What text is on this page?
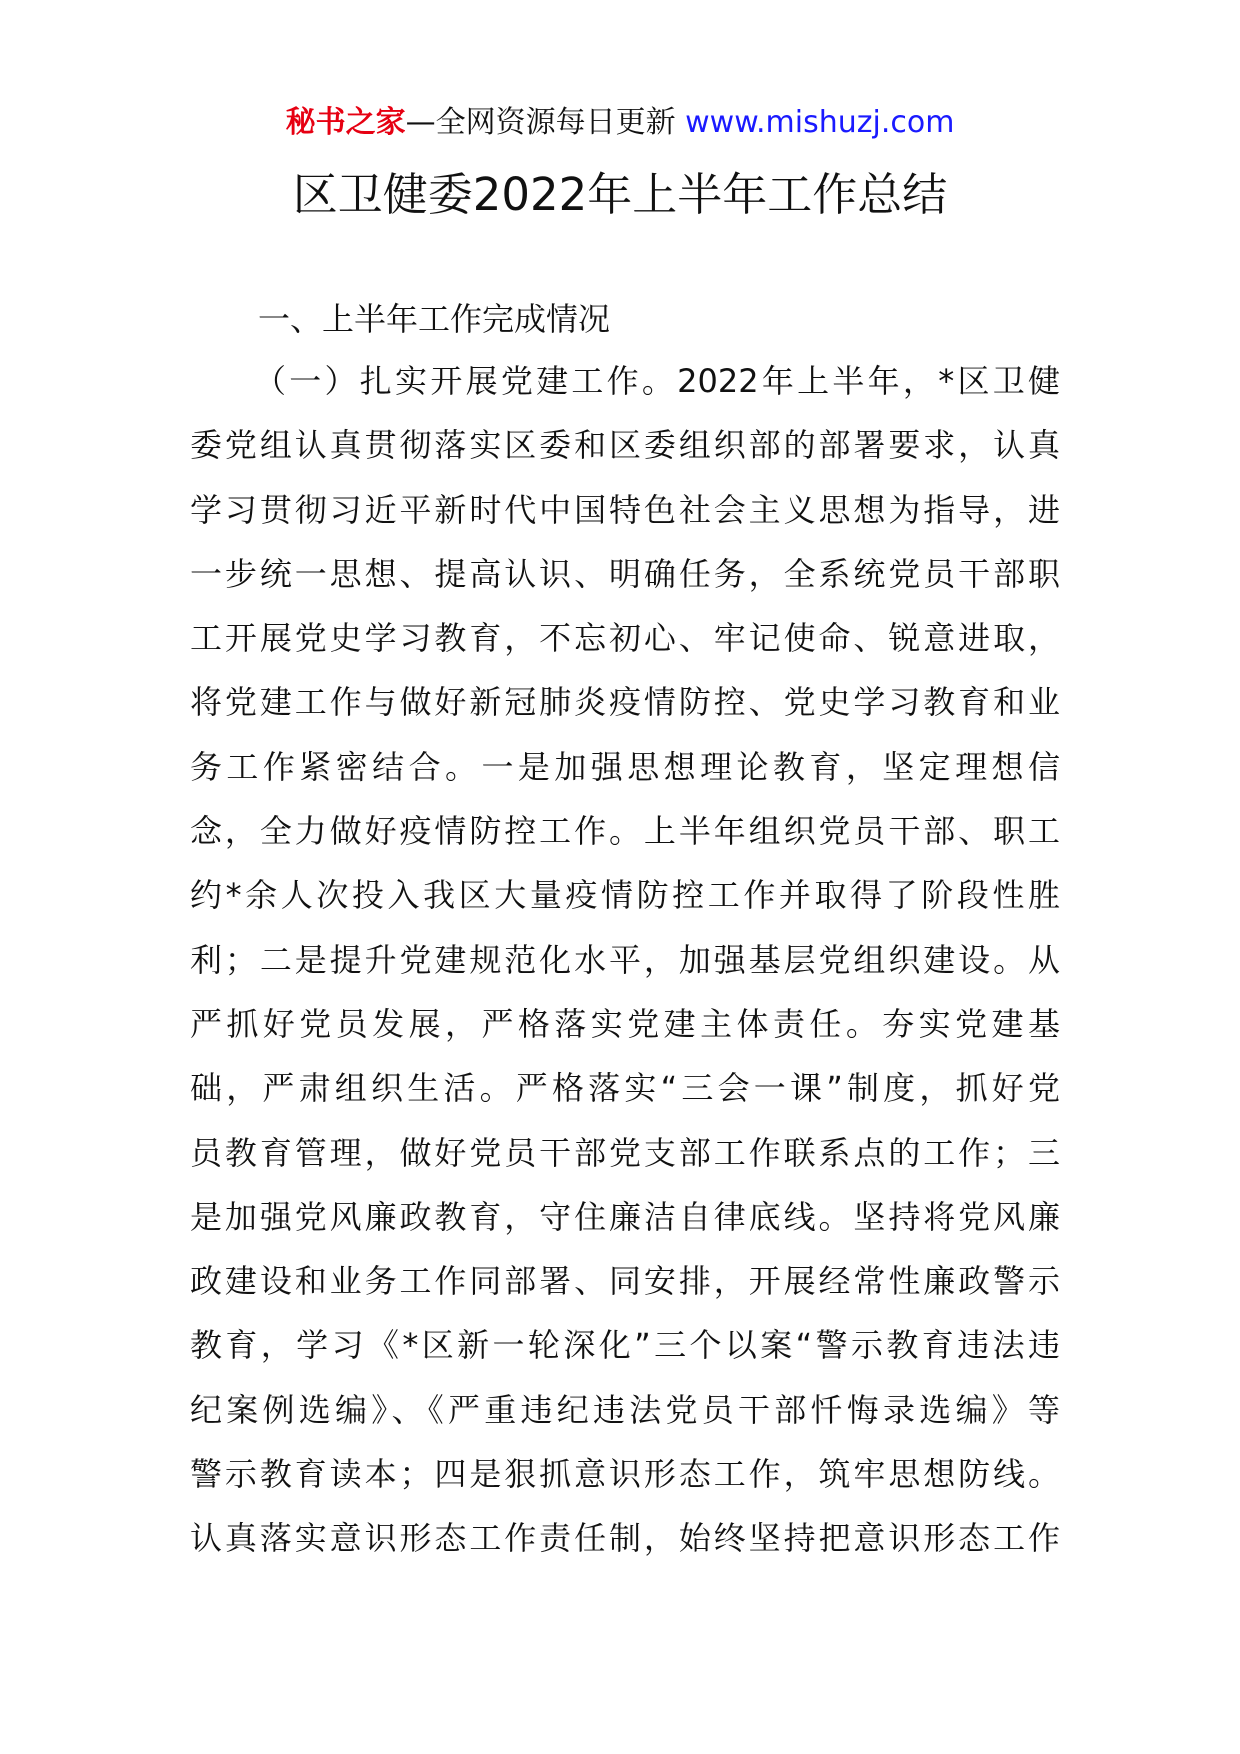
秘书之家—全网资源每日更新 www.mishuzj.com
区卫健委2022年上半年工作总结
一、上半年工作完成情况
（一）扎实开展党建工作。2022年上半年，*区卫健
委党组认真贯彻落实区委和区委组织部的部署要求，认真
学习贯彻习近平新时代中国特色社会主义思想为指导，进
一步统一思想、提高认识、明确任务，全系统党员干部职
工开展党史学习教育，不忘初心、牢记使命、锐意进取，
将党建工作与做好新冠肺炎疫情防控、党史学习教育和业
务工作紧密结合。一是加强思想理论教育，坚定理想信
念，全力做好疫情防控工作。上半年组织党员干部、职工
约*余人次投入我区大量疫情防控工作并取得了阶段性胜
利；二是提升党建规范化水平，加强基层党组织建设。从
严抓好党员发展，严格落实党建主体责任。夯实党建基
础，严肃组织生活。严格落实“三会一课”制度，抓好党
员教育管理，做好党员干部党支部工作联系点的工作；三
是加强党风廉政教育，守住廉洁自律底线。坚持将党风廉
政建设和业务工作同部署、同安排，开展经常性廉政警示
教育，学习《*区新一轮深化”三个以案“警示教育违法违
纪案例选编》、《严重违纪违法党员干部忏悔录选编》等
警示教育读本；四是狠抓意识形态工作，筑牢思想防线。
认真落实意识形态工作责任制，始终坚持把意识形态工作
